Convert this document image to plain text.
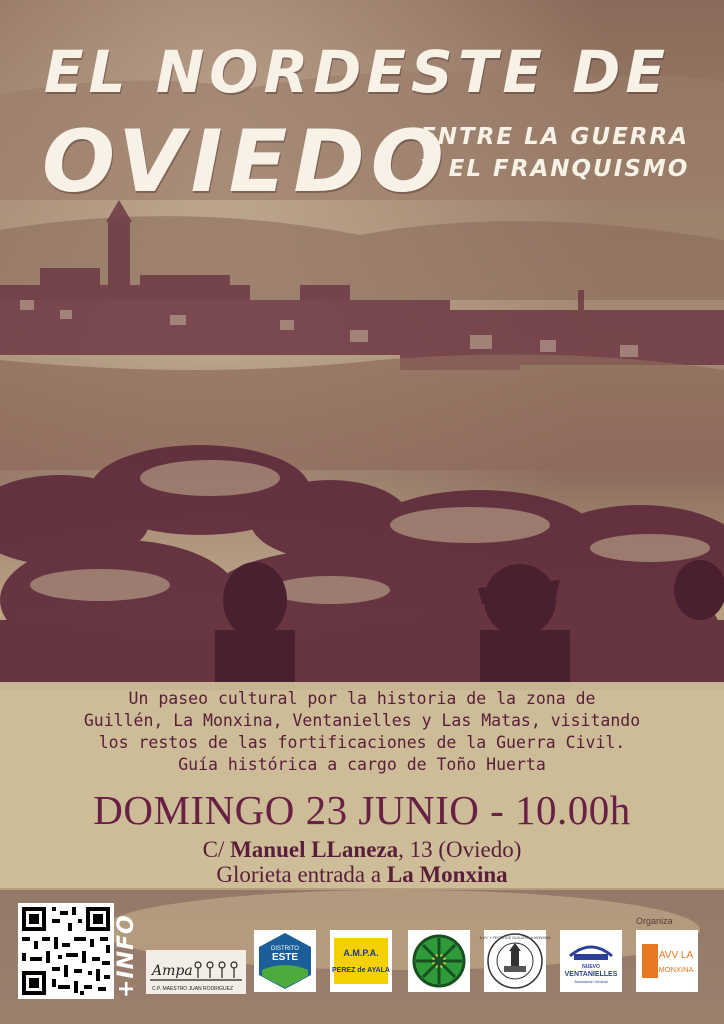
EL NORDESTE DE
OVIEDO
ENTRE LA GUERRA
Y EL FRANQUISMO
Un paseo cultural por la historia de la zona de
Guillén, La Monxina, Ventanielles y Las Matas, visitando
los restos de las fortificaciones de la Guerra Civil.
Guía histórica a cargo de Toño Huerta
DOMINGO 23 JUNIO - 10.00h
C/ Manuel LLaneza, 13 (Oviedo)
Glorieta entrada a La Monxina
+INFO	Organiza
Ampa
C.P. MAESTRO JUAN RODRIGUEZ
DISTRITO
ESTE	A.M.P.A.
PEREZ de AYALA
A.VV. Y FESTEJOS GUILLÉN LA MONXINA
NUEVO
VENTANIELLES
Asociación Vecinal
AVV LA
MONXINA
